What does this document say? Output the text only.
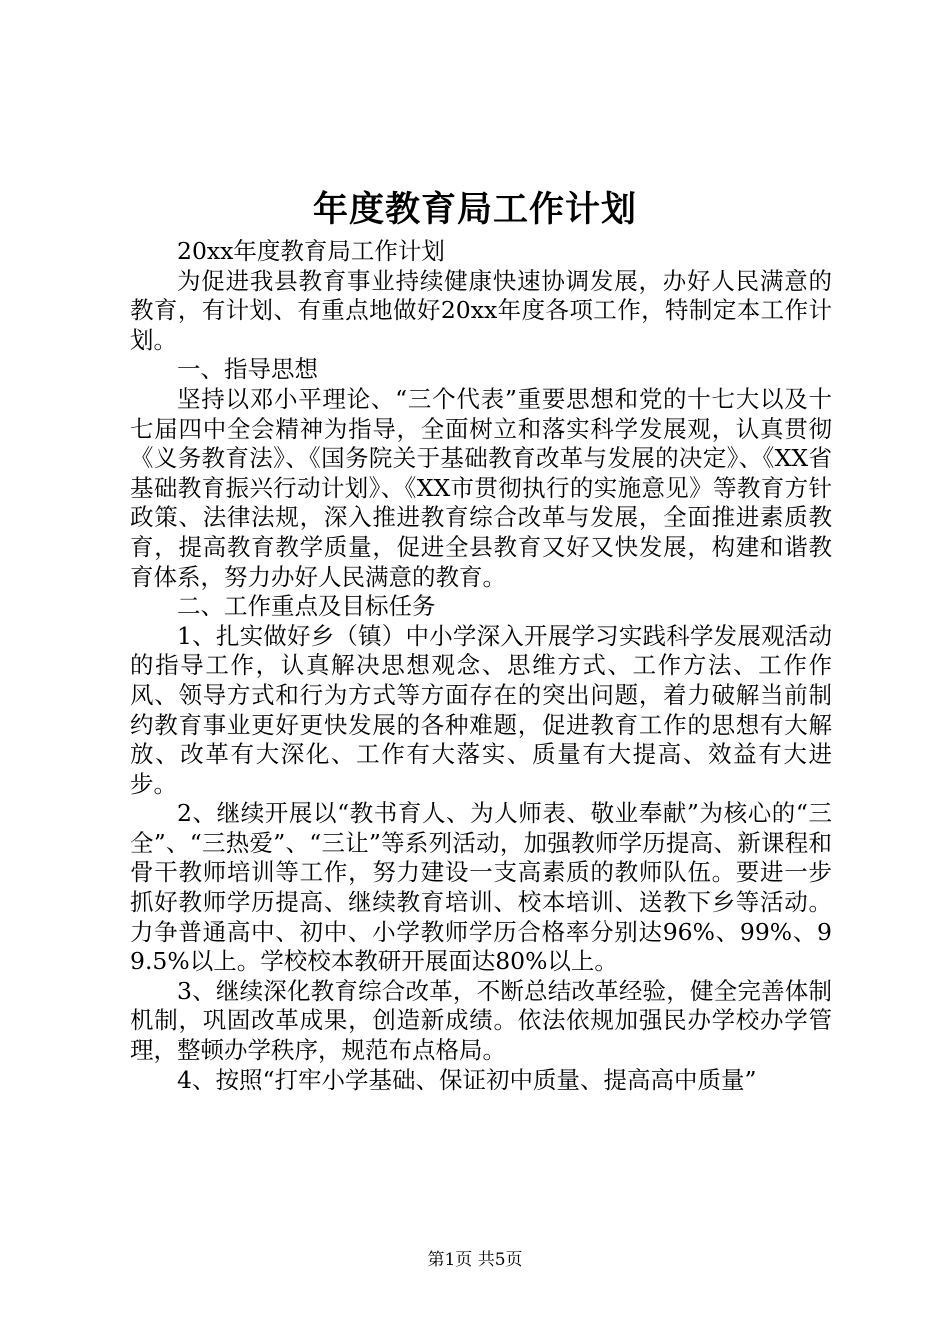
年度教育局工作计划

20xx年度教育局工作计划

为促进我县教育事业持续健康快速协调发展，办好人民满意的教育，有计划、有重点地做好20xx年度各项工作，特制定本工作计划。

一、指导思想

坚持以邓小平理论、“三个代表”重要思想和党的十七大以及十七届四中全会精神为指导，全面树立和落实科学发展观，认真贯彻《义务教育法》、《国务院关于基础教育改革与发展的决定》、《XX省基础教育振兴行动计划》、《XX市贯彻执行的实施意见》等教育方针政策、法律法规，深入推进教育综合改革与发展，全面推进素质教育，提高教育教学质量，促进全县教育又好又快发展，构建和谐教育体系，努力办好人民满意的教育。

二、工作重点及目标任务

1、扎实做好乡（镇）中小学深入开展学习实践科学发展观活动的指导工作，认真解决思想观念、思维方式、工作方法、工作作风、领导方式和行为方式等方面存在的突出问题，着力破解当前制约教育事业更好更快发展的各种难题，促进教育工作的思想有大解放、改革有大深化、工作有大落实、质量有大提高、效益有大进步。

2、继续开展以“教书育人、为人师表、敬业奉献”为核心的“三全”、“三热爱”、“三让”等系列活动，加强教师学历提高、新课程和骨干教师培训等工作，努力建设一支高素质的教师队伍。要进一步抓好教师学历提高、继续教育培训、校本培训、送教下乡等活动。力争普通高中、初中、小学教师学历合格率分别达96%、99%、99.5%以上。学校校本教研开展面达80%以上。

3、继续深化教育综合改革，不断总结改革经验，健全完善体制机制，巩固改革成果，创造新成绩。依法依规加强民办学校办学管理，整顿办学秩序，规范布点格局。

4、按照“打牢小学基础、保证初中质量、提高高中质量”

第1页 共5页
